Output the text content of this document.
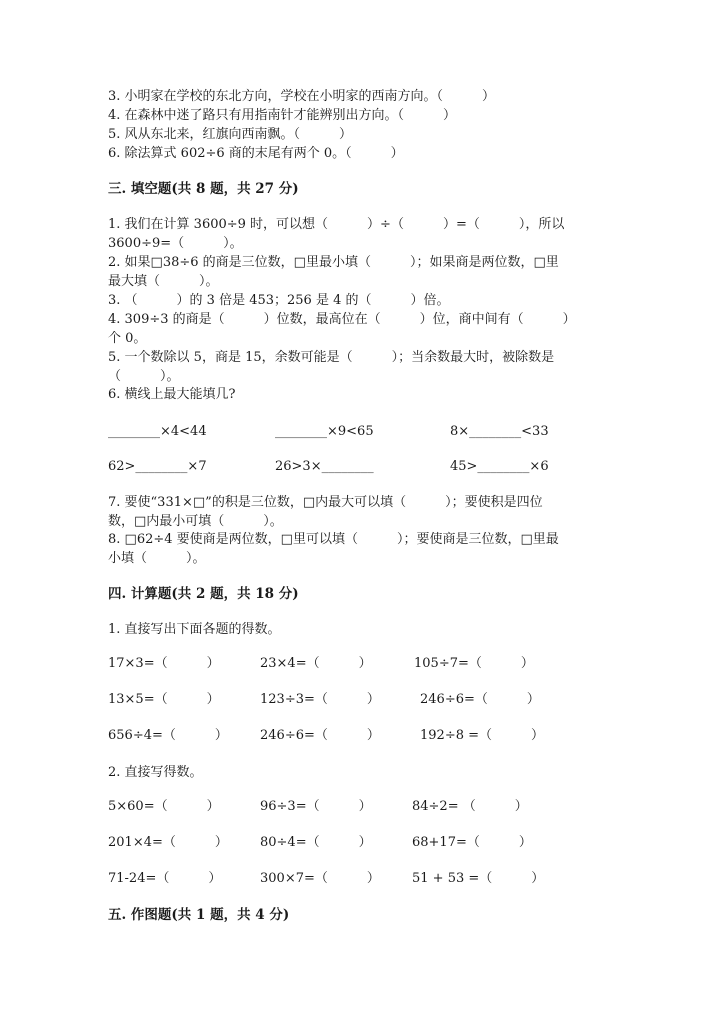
3. 小明家在学校的东北方向，学校在小明家的西南方向。（　　　）
4. 在森林中迷了路只有用指南针才能辨别出方向。（　　　）
5. 风从东北来，红旗向西南飘。（　　　）
6. 除法算式 602÷6 商的末尾有两个 0。（　　　）
三. 填空题(共 8 题，共 27 分)
1. 我们在计算 3600÷9 时，可以想（　　　）÷（　　　）=（　　　），所以
3600÷9=（　　　）。
2. 如果□38÷6 的商是三位数，□里最小填（　　　）；如果商是两位数，□里
最大填（　　　）。
3. （　　　）的 3 倍是 453；256 是 4 的（　　　）倍。
4. 309÷3 的商是（　　　）位数，最高位在（　　　）位，商中间有（　　　）
个 0。
5. 一个数除以 5，商是 15，余数可能是（　　　）；当余数最大时，被除数是
（　　　）。
6. 横线上最大能填几?
________×4<44	________×9<65	8×________<33
62>________×7	26>3×________	45>________×6
7. 要使“331×□”的积是三位数，□内最大可以填（　　　）；要使积是四位
数，□内最小可填（　　　）。
8. □62÷4 要使商是两位数，□里可以填（　　　）；要使商是三位数，□里最
小填（　　　）。
四. 计算题(共 2 题，共 18 分)
1. 直接写出下面各题的得数。
17×3=（　　　）	23×4=（　　　）	105÷7=（　　　）
13×5=（　　　）	123÷3=（　　　）	246÷6=（　　　）
656÷4=（　　　） 246÷6=（　　　）	192÷8 =（　　　）
2. 直接写得数。
5×60=（　　　）	96÷3=（　　　）	84÷2= （　　　）
201×4=（　　　） 80÷4=（　　　）	68+17=（　　　）
71-24=（　　　）	300×7=（　　　） 51 + 53 =（　　　）
五. 作图题(共 1 题，共 4 分)
